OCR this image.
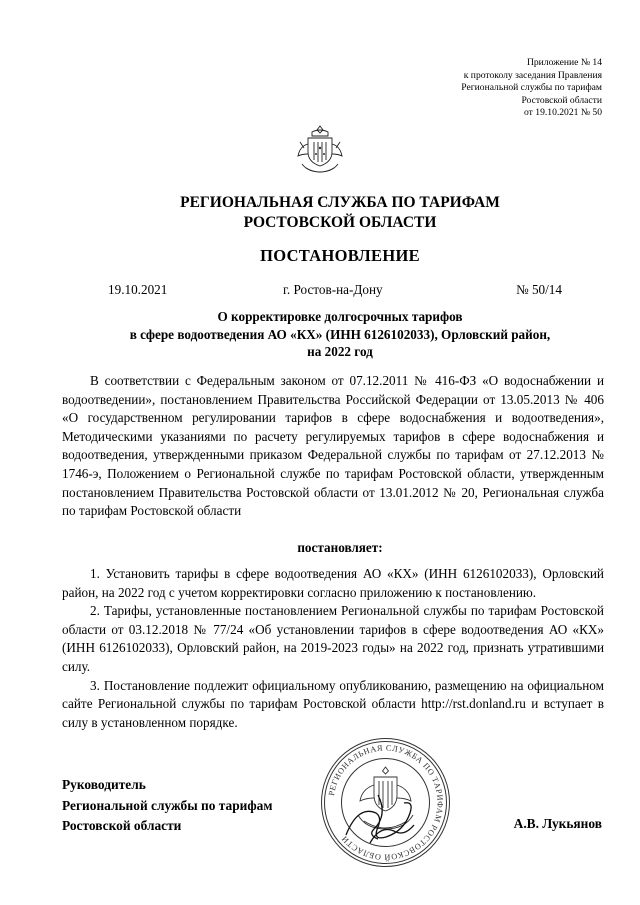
Приложение № 14
к протоколу заседания Правления
Региональной службы по тарифам
Ростовской области
от 19.10.2021 № 50
РЕГИОНАЛЬНАЯ СЛУЖБА ПО ТАРИФАМ
РОСТОВСКОЙ ОБЛАСТИ
ПОСТАНОВЛЕНИЕ
19.10.2021	г. Ростов-на-Дону	№ 50/14
О корректировке долгосрочных тарифов
в сфере водоотведения АО «КХ» (ИНН 6126102033), Орловский район,
на 2022 год

В соответствии с Федеральным законом от 07.12.2011 № 416-ФЗ «О водоснабжении и водоотведении», постановлением Правительства Российской Федерации от 13.05.2013 № 406 «О государственном регулировании тарифов в сфере водоснабжения и водоотведения», Методическими указаниями по расчету регулируемых тарифов в сфере водоснабжения и водоотведения, утвержденными приказом Федеральной службы по тарифам от 27.12.2013 № 1746-э, Положением о Региональной службе по тарифам Ростовской области, утвержденным постановлением Правительства Ростовской области от 13.01.2012 № 20, Региональная служба по тарифам Ростовской области

постановляет:

1. Установить тарифы в сфере водоотведения АО «КХ» (ИНН 6126102033), Орловский район, на 2022 год с учетом корректировки согласно приложению к постановлению.

2. Тарифы, установленные постановлением Региональной службы по тарифам Ростовской области от 03.12.2018 № 77/24 «Об установлении тарифов в сфере водоотведения АО «КХ» (ИНН 6126102033), Орловский район, на 2019-2023 годы» на 2022 год, признать утратившими силу.

3. Постановление подлежит официальному опубликованию, размещению на официальном сайте Региональной службы по тарифам Ростовской области http://rst.donland.ru и вступает в силу в установленном порядке.

РЕГИОНАЛЬНАЯ СЛУЖБА ПО ТАРИФАМ РОСТОВСКОЙ ОБЛАСТИ
Руководитель
Региональной службы по тарифам
Ростовской области	А.В. Лукьянов
